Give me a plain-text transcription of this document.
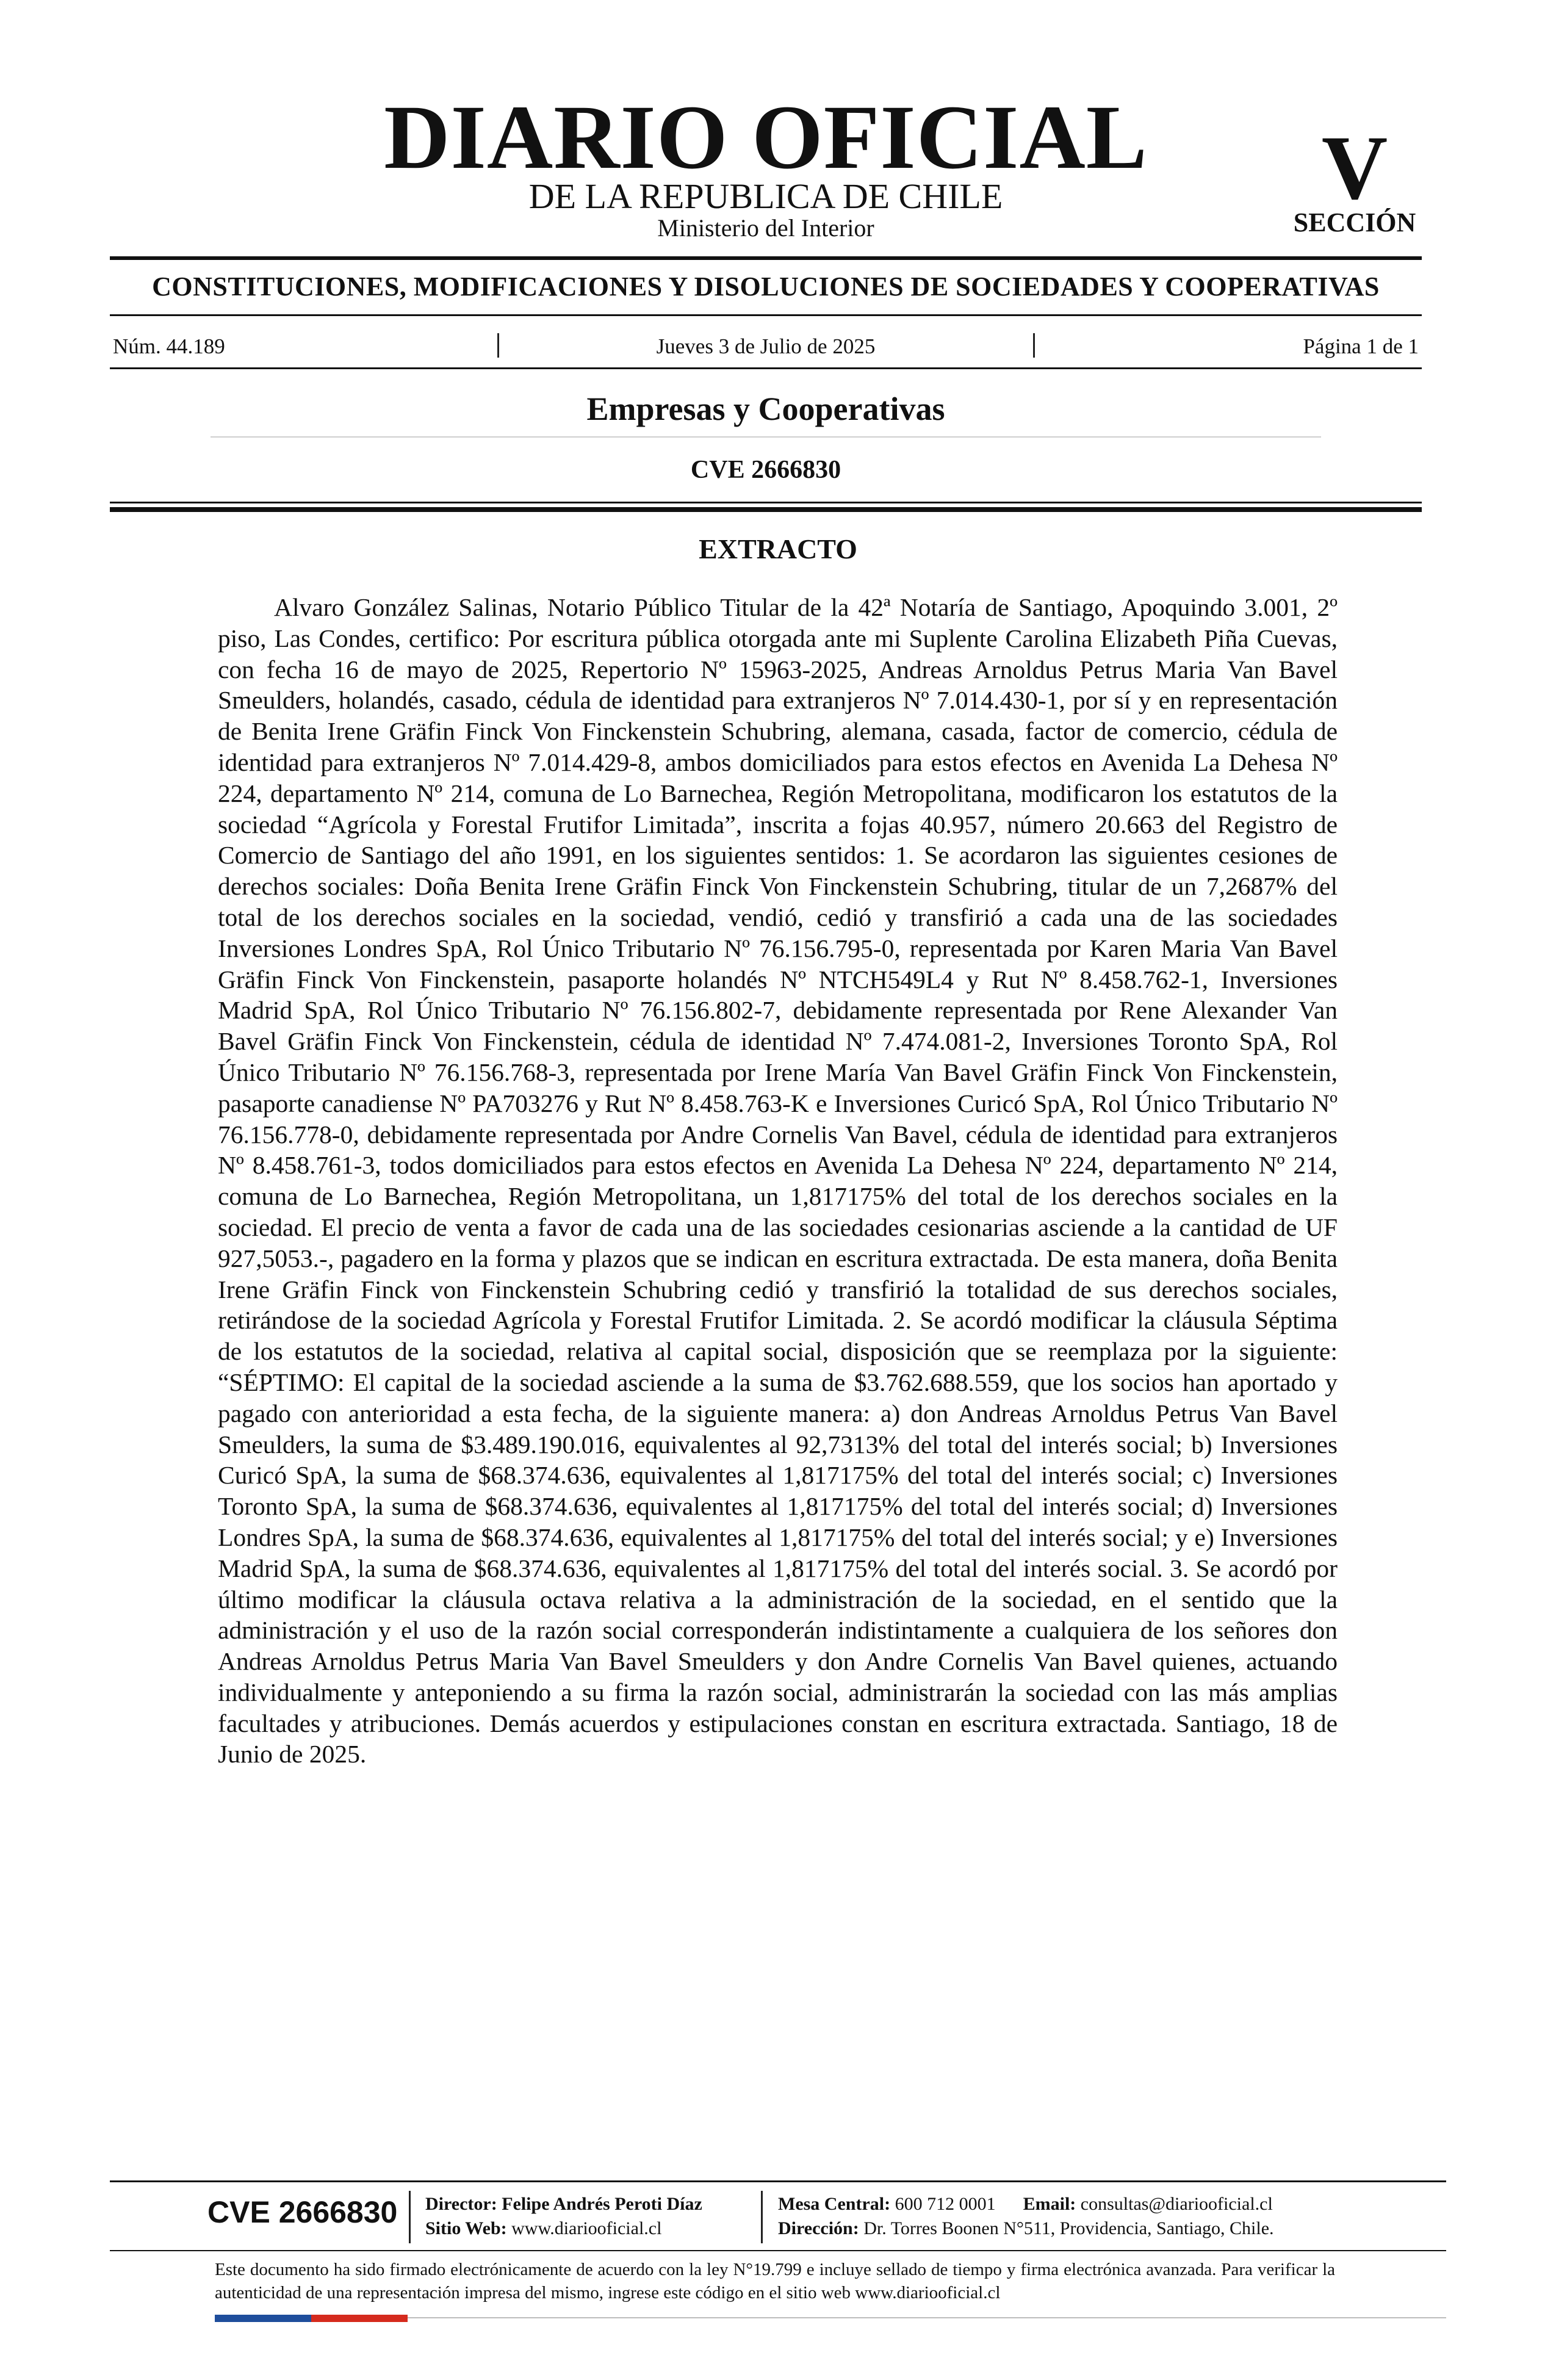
DIARIO OFICIAL
DE LA REPUBLICA DE CHILE
Ministerio del Interior
V
SECCIÓN
CONSTITUCIONES, MODIFICACIONES Y DISOLUCIONES DE SOCIEDADES Y COOPERATIVAS
Núm. 44.189	Jueves 3 de Julio de 2025	Página 1 de 1
Empresas y Cooperativas
CVE 2666830
EXTRACTO

Alvaro González Salinas, Notario Público Titular de la 42ª Notaría de Santiago, Apoquindo 3.001, 2º piso, Las Condes, certifico: Por escritura pública otorgada ante mi Suplente Carolina Elizabeth Piña Cuevas, con fecha 16 de mayo de 2025, Repertorio Nº 15963-2025, Andreas Arnoldus Petrus Maria Van Bavel Smeulders, holandés, casado, cédula de identidad para extranjeros Nº 7.014.430-1, por sí y en representación de Benita Irene Gräfin Finck Von Finckenstein Schubring, alemana, casada, factor de comercio, cédula de identidad para extranjeros Nº 7.014.429-8, ambos domiciliados para estos efectos en Avenida La Dehesa Nº 224, departamento Nº 214, comuna de Lo Barnechea, Región Metropolitana, modificaron los estatutos de la sociedad “Agrícola y Forestal Frutifor Limitada”, inscrita a fojas 40.957, número 20.663 del Registro de Comercio de Santiago del año 1991, en los siguientes sentidos: 1. Se acordaron las siguientes cesiones de derechos sociales: Doña Benita Irene Gräfin Finck Von Finckenstein Schubring, titular de un 7,2687% del total de los derechos sociales en la sociedad, vendió, cedió y transfirió a cada una de las sociedades Inversiones Londres SpA, Rol Único Tributario Nº 76.156.795-0, representada por Karen Maria Van Bavel Gräfin Finck Von Finckenstein, pasaporte holandés Nº NTCH549L4 y Rut Nº 8.458.762-1, Inversiones Madrid SpA, Rol Único Tributario Nº 76.156.802-7, debidamente representada por Rene Alexander Van Bavel Gräfin Finck Von Finckenstein, cédula de identidad Nº 7.474.081-2, Inversiones Toronto SpA, Rol Único Tributario Nº 76.156.768-3, representada por Irene María Van Bavel Gräfin Finck Von Finckenstein, pasaporte canadiense Nº PA703276 y Rut Nº 8.458.763-K e Inversiones Curicó SpA, Rol Único Tributario Nº 76.156.778-0, debidamente representada por Andre Cornelis Van Bavel, cédula de identidad para extranjeros Nº 8.458.761-3, todos domiciliados para estos efectos en Avenida La Dehesa Nº 224, departamento Nº 214, comuna de Lo Barnechea, Región Metropolitana, un 1,817175% del total de los derechos sociales en la sociedad. El precio de venta a favor de cada una de las sociedades cesionarias asciende a la cantidad de UF 927,5053.-, pagadero en la forma y plazos que se indican en escritura extractada. De esta manera, doña Benita Irene Gräfin Finck von Finckenstein Schubring cedió y transfirió la totalidad de sus derechos sociales, retirándose de la sociedad Agrícola y Forestal Frutifor Limitada. 2. Se acordó modificar la cláusula Séptima de los estatutos de la sociedad, relativa al capital social, disposición que se reemplaza por la siguiente: “SÉPTIMO: El capital de la sociedad asciende a la suma de $3.762.688.559, que los socios han aportado y pagado con anterioridad a esta fecha, de la siguiente manera: a) don Andreas Arnoldus Petrus Van Bavel Smeulders, la suma de $3.489.190.016, equivalentes al 92,7313% del total del interés social; b) Inversiones Curicó SpA, la suma de $68.374.636, equivalentes al 1,817175% del total del interés social; c) Inversiones Toronto SpA, la suma de $68.374.636, equivalentes al 1,817175% del total del interés social; d) Inversiones Londres SpA, la suma de $68.374.636, equivalentes al 1,817175% del total del interés social; y e) Inversiones Madrid SpA, la suma de $68.374.636, equivalentes al 1,817175% del total del interés social. 3. Se acordó por último modificar la cláusula octava relativa a la administración de la sociedad, en el sentido que la administración y el uso de la razón social corresponderán indistintamente a cualquiera de los señores don Andreas Arnoldus Petrus Maria Van Bavel Smeulders y don Andre Cornelis Van Bavel quienes, actuando individualmente y anteponiendo a su firma la razón social, administrarán la sociedad con las más amplias facultades y atribuciones. Demás acuerdos y estipulaciones constan en escritura extractada. Santiago, 18 de Junio de 2025.

CVE 2666830 Director: Felipe Andrés Peroti Díaz
Sitio Web: www.diariooficial.cl
Mesa Central: 600 712 0001 Email: consultas@diariooficial.cl
Dirección: Dr. Torres Boonen N°511, Providencia, Santiago, Chile.

Este documento ha sido firmado electrónicamente de acuerdo con la ley N°19.799 e incluye sellado de tiempo y firma electrónica avanzada. Para verificar la autenticidad de una representación impresa del mismo, ingrese este código en el sitio web www.diariooficial.cl
